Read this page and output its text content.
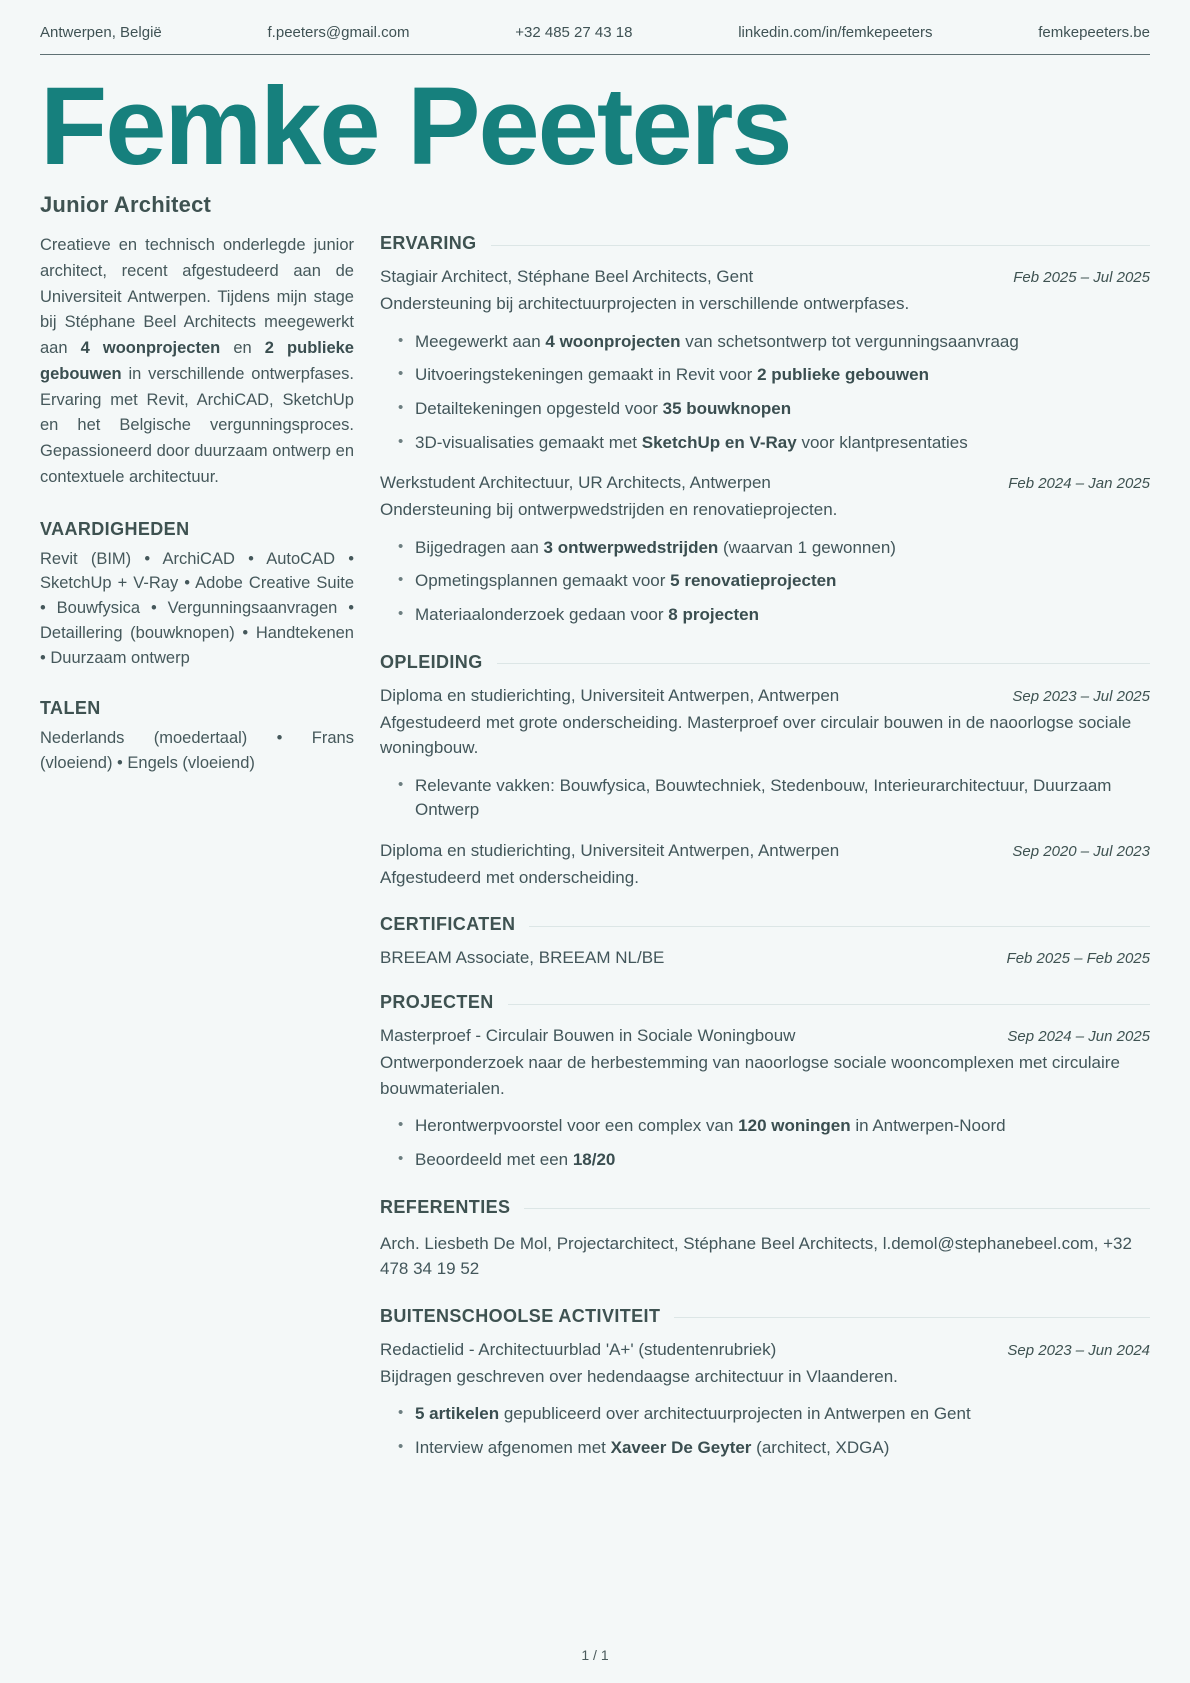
Antwerpen, België	f.peeters@gmail.com	+32 485 27 43 18	linkedin.com/in/femkepeeters	femkepeeters.be
Femke Peeters
Junior Architect
Creatieve en technisch onderlegde junior architect, recent afgestudeerd aan de Universiteit Antwerpen. Tijdens mijn stage bij Stéphane Beel Architects meegewerkt aan 4 woonprojecten en 2 publieke gebouwen in verschillende ontwerpfases. Ervaring met Revit, ArchiCAD, SketchUp en het Belgische vergunningsproces. Gepassioneerd door duurzaam ontwerp en contextuele architectuur.
VAARDIGHEDEN
Revit (BIM) • ArchiCAD • AutoCAD • SketchUp + V-Ray • Adobe Creative Suite • Bouwfysica • Vergunningsaanvragen • Detaillering (bouwknopen) • Handtekenen • Duurzaam ontwerp
TALEN
Nederlands (moedertaal) • Frans (vloeiend) • Engels (vloeiend)
ERVARING
Stagiair Architect, Stéphane Beel Architects, Gent	Feb 2025 – Jul 2025
Ondersteuning bij architectuurprojecten in verschillende ontwerpfases.
• Meegewerkt aan 4 woonprojecten van schetsontwerp tot vergunningsaanvraag
• Uitvoeringstekeningen gemaakt in Revit voor 2 publieke gebouwen
• Detailtekeningen opgesteld voor 35 bouwknopen
• 3D-visualisaties gemaakt met SketchUp en V-Ray voor klantpresentaties
Werkstudent Architectuur, UR Architects, Antwerpen	Feb 2024 – Jan 2025
Ondersteuning bij ontwerpwedstrijden en renovatieprojecten.
• Bijgedragen aan 3 ontwerpwedstrijden (waarvan 1 gewonnen)
• Opmetingsplannen gemaakt voor 5 renovatieprojecten
• Materiaalonderzoek gedaan voor 8 projecten
OPLEIDING
Diploma en studierichting, Universiteit Antwerpen, Antwerpen	Sep 2023 – Jul 2025
Afgestudeerd met grote onderscheiding. Masterproef over circulair bouwen in de naoorlogse sociale woningbouw.
• Relevante vakken: Bouwfysica, Bouwtechniek, Stedenbouw, Interieurarchitectuur, Duurzaam Ontwerp
Diploma en studierichting, Universiteit Antwerpen, Antwerpen	Sep 2020 – Jul 2023
Afgestudeerd met onderscheiding.
CERTIFICATEN
BREEAM Associate, BREEAM NL/BE	Feb 2025 – Feb 2025
PROJECTEN
Masterproef - Circulair Bouwen in Sociale Woningbouw	Sep 2024 – Jun 2025
Ontwerponderzoek naar de herbestemming van naoorlogse sociale wooncomplexen met circulaire bouwmaterialen.
• Herontwerpvoorstel voor een complex van 120 woningen in Antwerpen-Noord
• Beoordeeld met een 18/20
REFERENTIES
Arch. Liesbeth De Mol, Projectarchitect, Stéphane Beel Architects, l.demol@stephanebeel.com, +32 478 34 19 52
BUITENSCHOOLSE ACTIVITEIT
Redactielid - Architectuurblad 'A+' (studentenrubriek)	Sep 2023 – Jun 2024
Bijdragen geschreven over hedendaagse architectuur in Vlaanderen.
• 5 artikelen gepubliceerd over architectuurprojecten in Antwerpen en Gent
• Interview afgenomen met Xaveer De Geyter (architect, XDGA)
1 / 1
